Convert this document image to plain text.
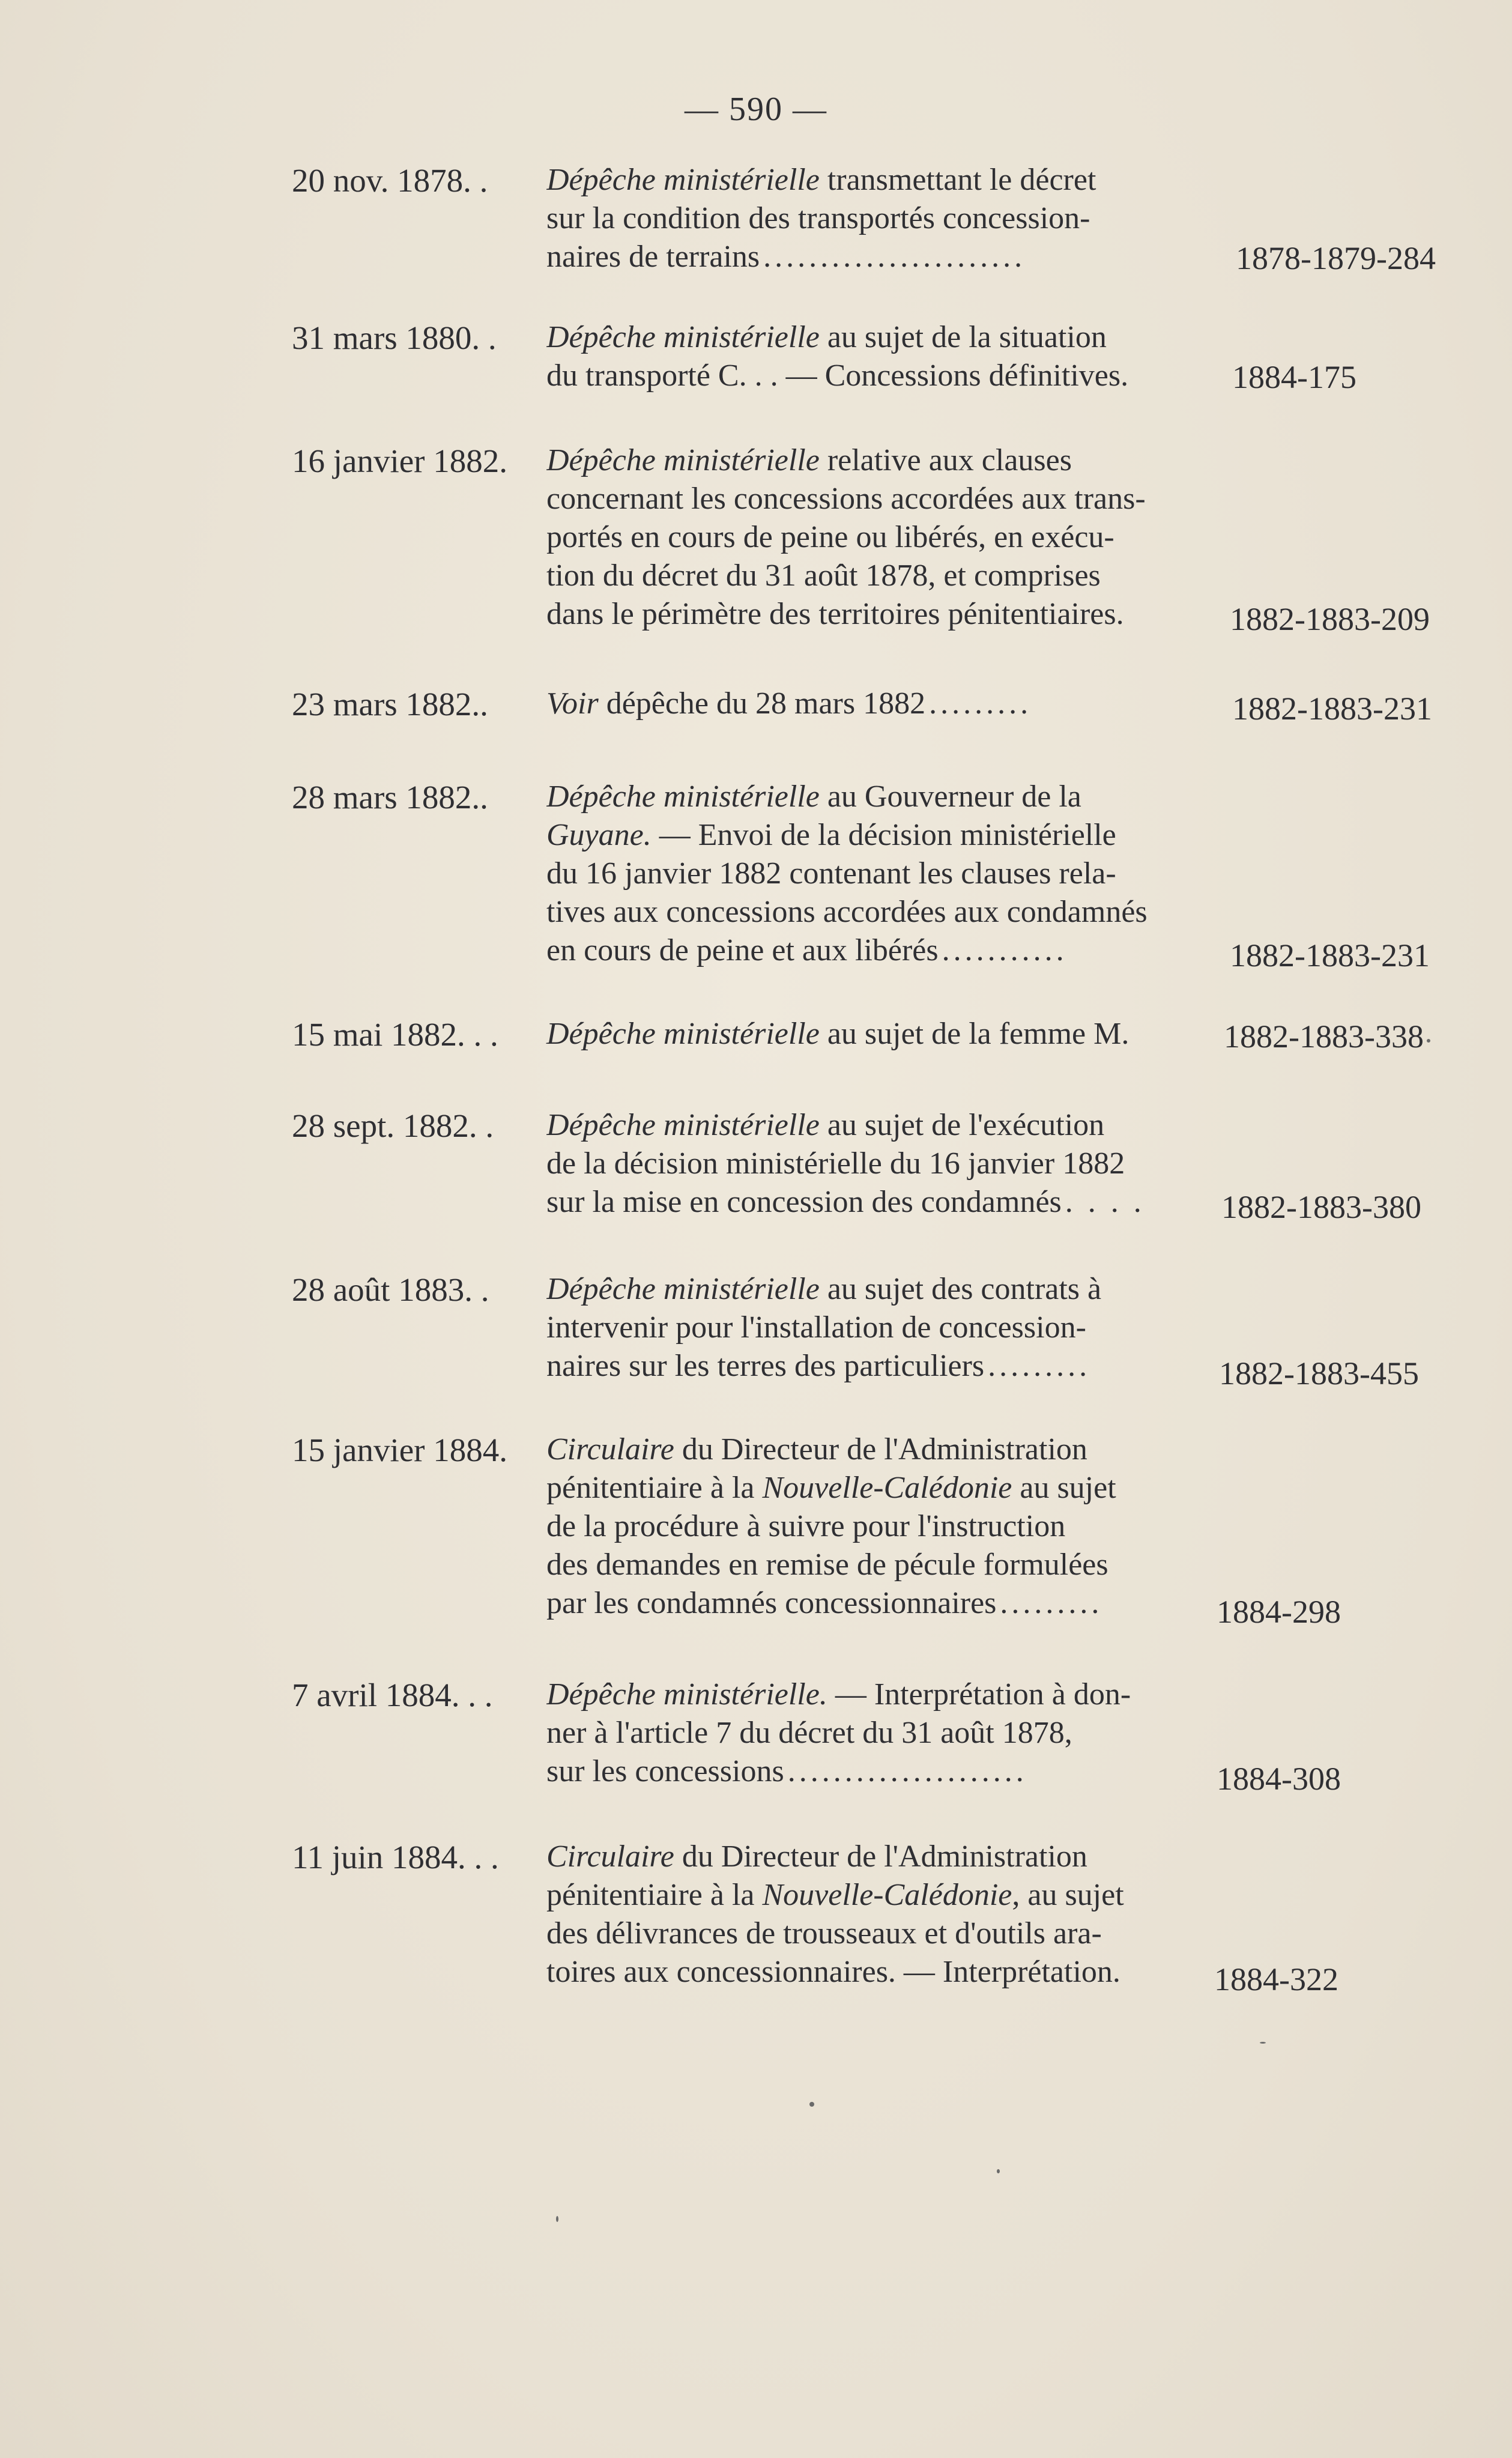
— 590 —
20 nov. 1878. .	Dépêche ministérielle transmettant le décret
sur la condition des transportés concession-
naires de terrains .......................	1878-1879-284
31 mars 1880. .	Dépêche ministérielle au sujet de la situation
du transporté C. . . — Concessions définitives.	1884-175
16 janvier 1882.	Dépêche ministérielle relative aux clauses
concernant les concessions accordées aux trans-
portés en cours de peine ou libérés, en exécu-
tion du décret du 31 août 1878, et comprises
dans le périmètre des territoires pénitentiaires.	1882-1883-209
23 mars 1882..	Voir dépêche du 28 mars 1882 .........	1882-1883-231
28 mars 1882..	Dépêche ministérielle au Gouverneur de la
Guyane. — Envoi de la décision ministérielle
du 16 janvier 1882 contenant les clauses rela-
tives aux concessions accordées aux condamnés
en cours de peine et aux libérés ...........	1882-1883-231
15 mai 1882. . .	Dépêche ministérielle au sujet de la femme M.	1882-1883-338
28 sept. 1882. .	Dépêche ministérielle au sujet de l'exécution
de la décision ministérielle du 16 janvier 1882
sur la mise en concession des condamnés . . . .	1882-1883-380
28 août 1883. .	Dépêche ministérielle au sujet des contrats à
intervenir pour l'installation de concession-
naires sur les terres des particuliers .........	1882-1883-455
15 janvier 1884.	Circulaire du Directeur de l'Administration
pénitentiaire à la Nouvelle-Calédonie au sujet
de la procédure à suivre pour l'instruction
des demandes en remise de pécule formulées
par les condamnés concessionnaires .........	1884-298
7 avril 1884. . .	Dépêche ministérielle. — Interprétation à don-
ner à l'article 7 du décret du 31 août 1878,
sur les concessions .....................	1884-308
11 juin 1884. . .	Circulaire du Directeur de l'Administration
pénitentiaire à la Nouvelle-Calédonie, au sujet
des délivrances de trousseaux et d'outils ara-
toires aux concessionnaires. — Interprétation.	1884-322
